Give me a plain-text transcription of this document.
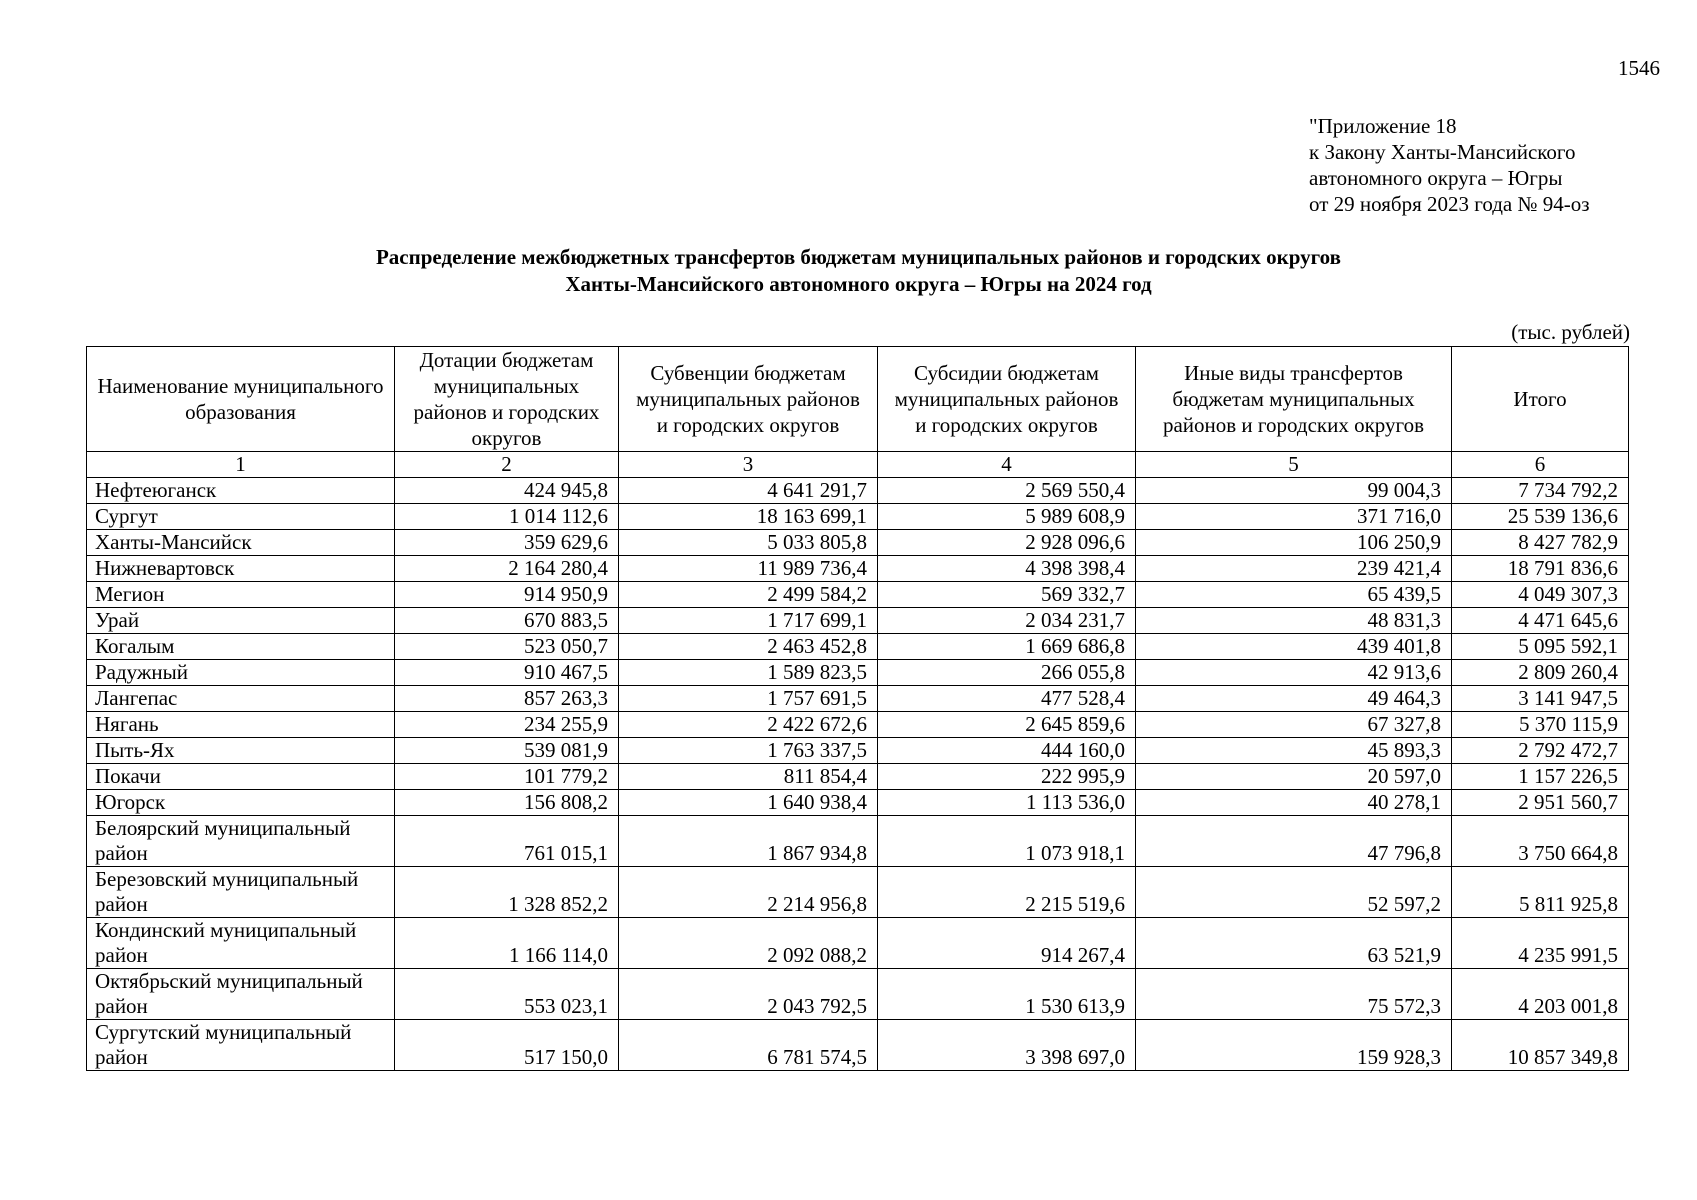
1546
"Приложение 18
к Закону Ханты-Мансийского
автономного округа – Югры
от 29 ноября 2023 года № 94-оз
Распределение межбюджетных трансфертов бюджетам муниципальных районов и городских округов
Ханты-Мансийского автономного округа – Югры на 2024 год
(тыс. рублей)
Наименование муниципального образования	Дотации бюджетам муниципальных районов и городских округов	Субвенции бюджетам муниципальных районов и городских округов	Субсидии бюджетам муниципальных районов и городских округов	Иные виды трансфертов бюджетам муниципальных районов и городских округов	Итого
1	2	3	4	5	6
Нефтеюганск	424 945,8	4 641 291,7	2 569 550,4	99 004,3	7 734 792,2
Сургут	1 014 112,6	18 163 699,1	5 989 608,9	371 716,0	25 539 136,6
Ханты-Мансийск	359 629,6	5 033 805,8	2 928 096,6	106 250,9	8 427 782,9
Нижневартовск	2 164 280,4	11 989 736,4	4 398 398,4	239 421,4	18 791 836,6
Мегион	914 950,9	2 499 584,2	569 332,7	65 439,5	4 049 307,3
Урай	670 883,5	1 717 699,1	2 034 231,7	48 831,3	4 471 645,6
Когалым	523 050,7	2 463 452,8	1 669 686,8	439 401,8	5 095 592,1
Радужный	910 467,5	1 589 823,5	266 055,8	42 913,6	2 809 260,4
Лангепас	857 263,3	1 757 691,5	477 528,4	49 464,3	3 141 947,5
Нягань	234 255,9	2 422 672,6	2 645 859,6	67 327,8	5 370 115,9
Пыть-Ях	539 081,9	1 763 337,5	444 160,0	45 893,3	2 792 472,7
Покачи	101 779,2	811 854,4	222 995,9	20 597,0	1 157 226,5
Югорск	156 808,2	1 640 938,4	1 113 536,0	40 278,1	2 951 560,7
Белоярский муниципальный район	761 015,1	1 867 934,8	1 073 918,1	47 796,8	3 750 664,8
Березовский муниципальный район	1 328 852,2	2 214 956,8	2 215 519,6	52 597,2	5 811 925,8
Кондинский муниципальный район	1 166 114,0	2 092 088,2	914 267,4	63 521,9	4 235 991,5
Октябрьский муниципальный район	553 023,1	2 043 792,5	1 530 613,9	75 572,3	4 203 001,8
Сургутский муниципальный район	517 150,0	6 781 574,5	3 398 697,0	159 928,3	10 857 349,8
